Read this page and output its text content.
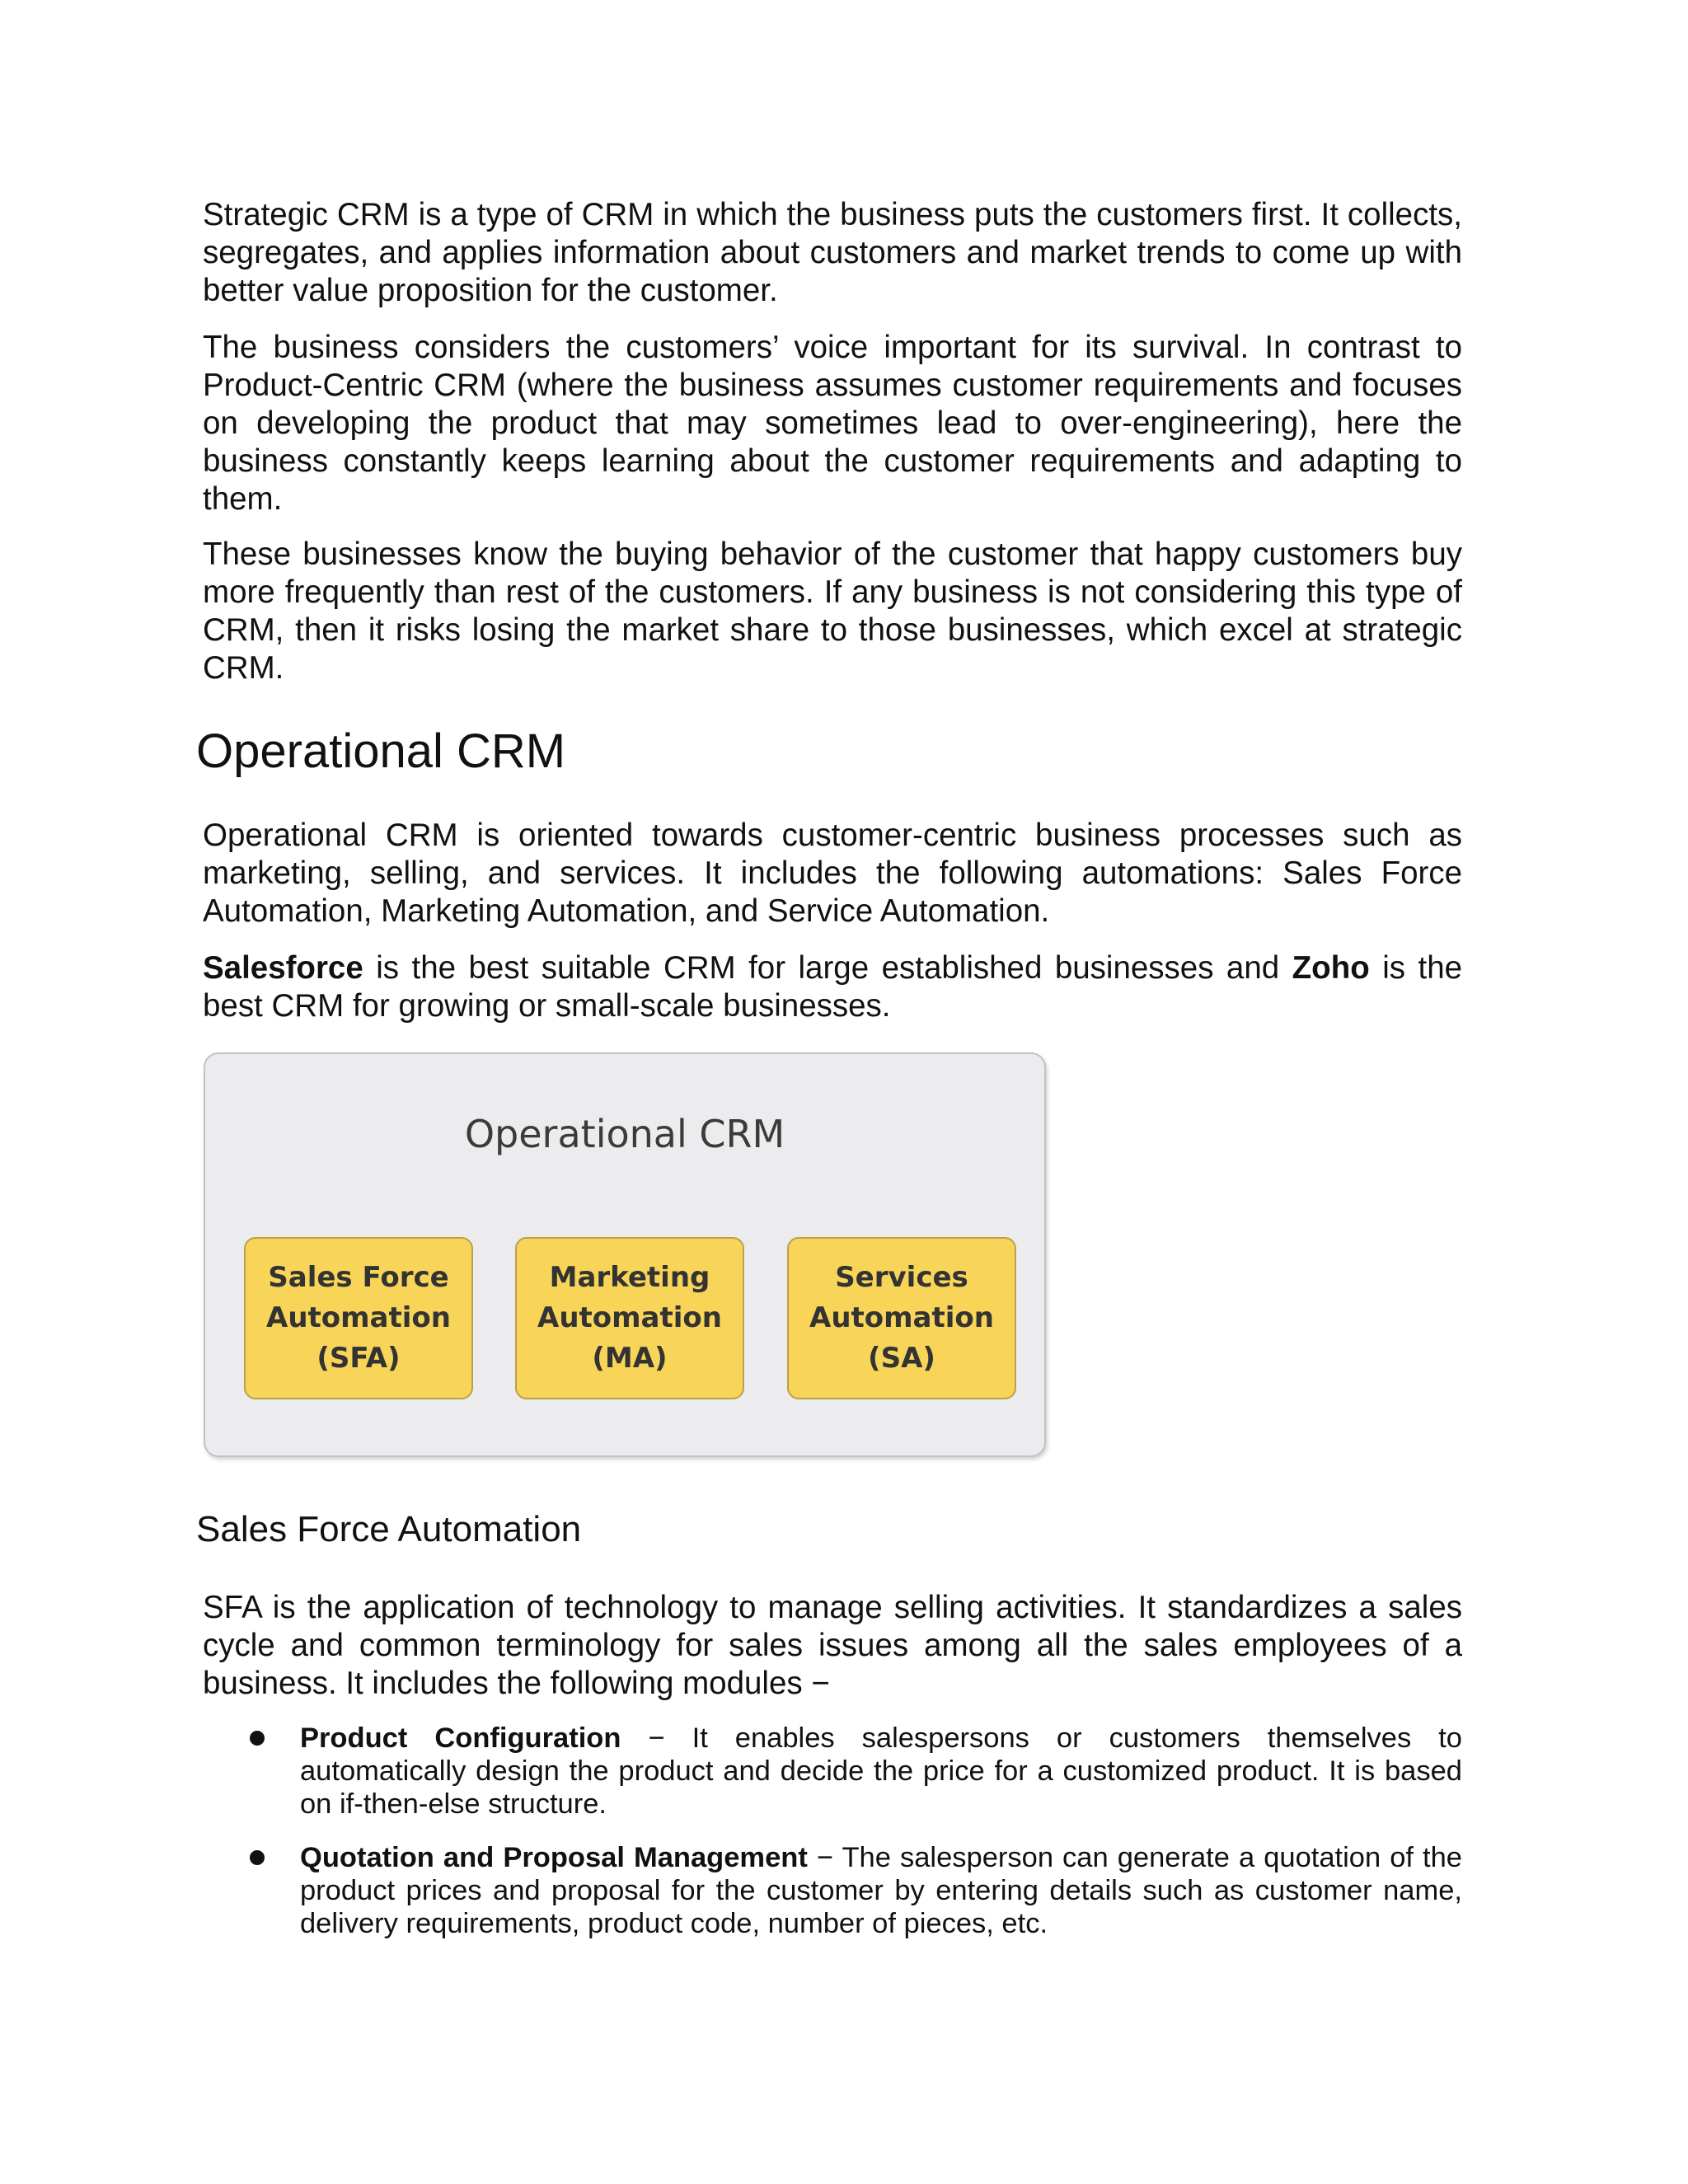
Strategic CRM is a type of CRM in which the business puts the customers first. It collects, segregates, and applies information about customers and market trends to come up with better value proposition for the customer.

The business considers the customers’ voice important for its survival. In contrast to Product-Centric CRM (where the business assumes customer requirements and focuses on developing the product that may sometimes lead to over-engineering), here the business constantly keeps learning about the customer requirements and adapting to them.

These businesses know the buying behavior of the customer that happy customers buy more frequently than rest of the customers. If any business is not considering this type of CRM, then it risks losing the market share to those businesses, which excel at strategic CRM.

Operational CRM

Operational CRM is oriented towards customer-centric business processes such as marketing, selling, and services. It includes the following automations: Sales Force Automation, Marketing Automation, and Service Automation.

Salesforce is the best suitable CRM for large established businesses and Zoho is the best CRM for growing or small-scale businesses.

Operational CRM
Sales Force
Automation
(SFA)
Marketing
Automation
(MA)
Services
Automation
(SA)
Sales Force Automation

SFA is the application of technology to manage selling activities. It standardizes a sales cycle and common terminology for sales issues among all the sales employees of a business. It includes the following modules −

Product Configuration − It enables salespersons or customers themselves to automatically design the product and decide the price for a customized product. It is based on if-then-else structure.

Quotation and Proposal Management − The salesperson can generate a quotation of the product prices and proposal for the customer by entering details such as customer name, delivery requirements, product code, number of pieces, etc.
